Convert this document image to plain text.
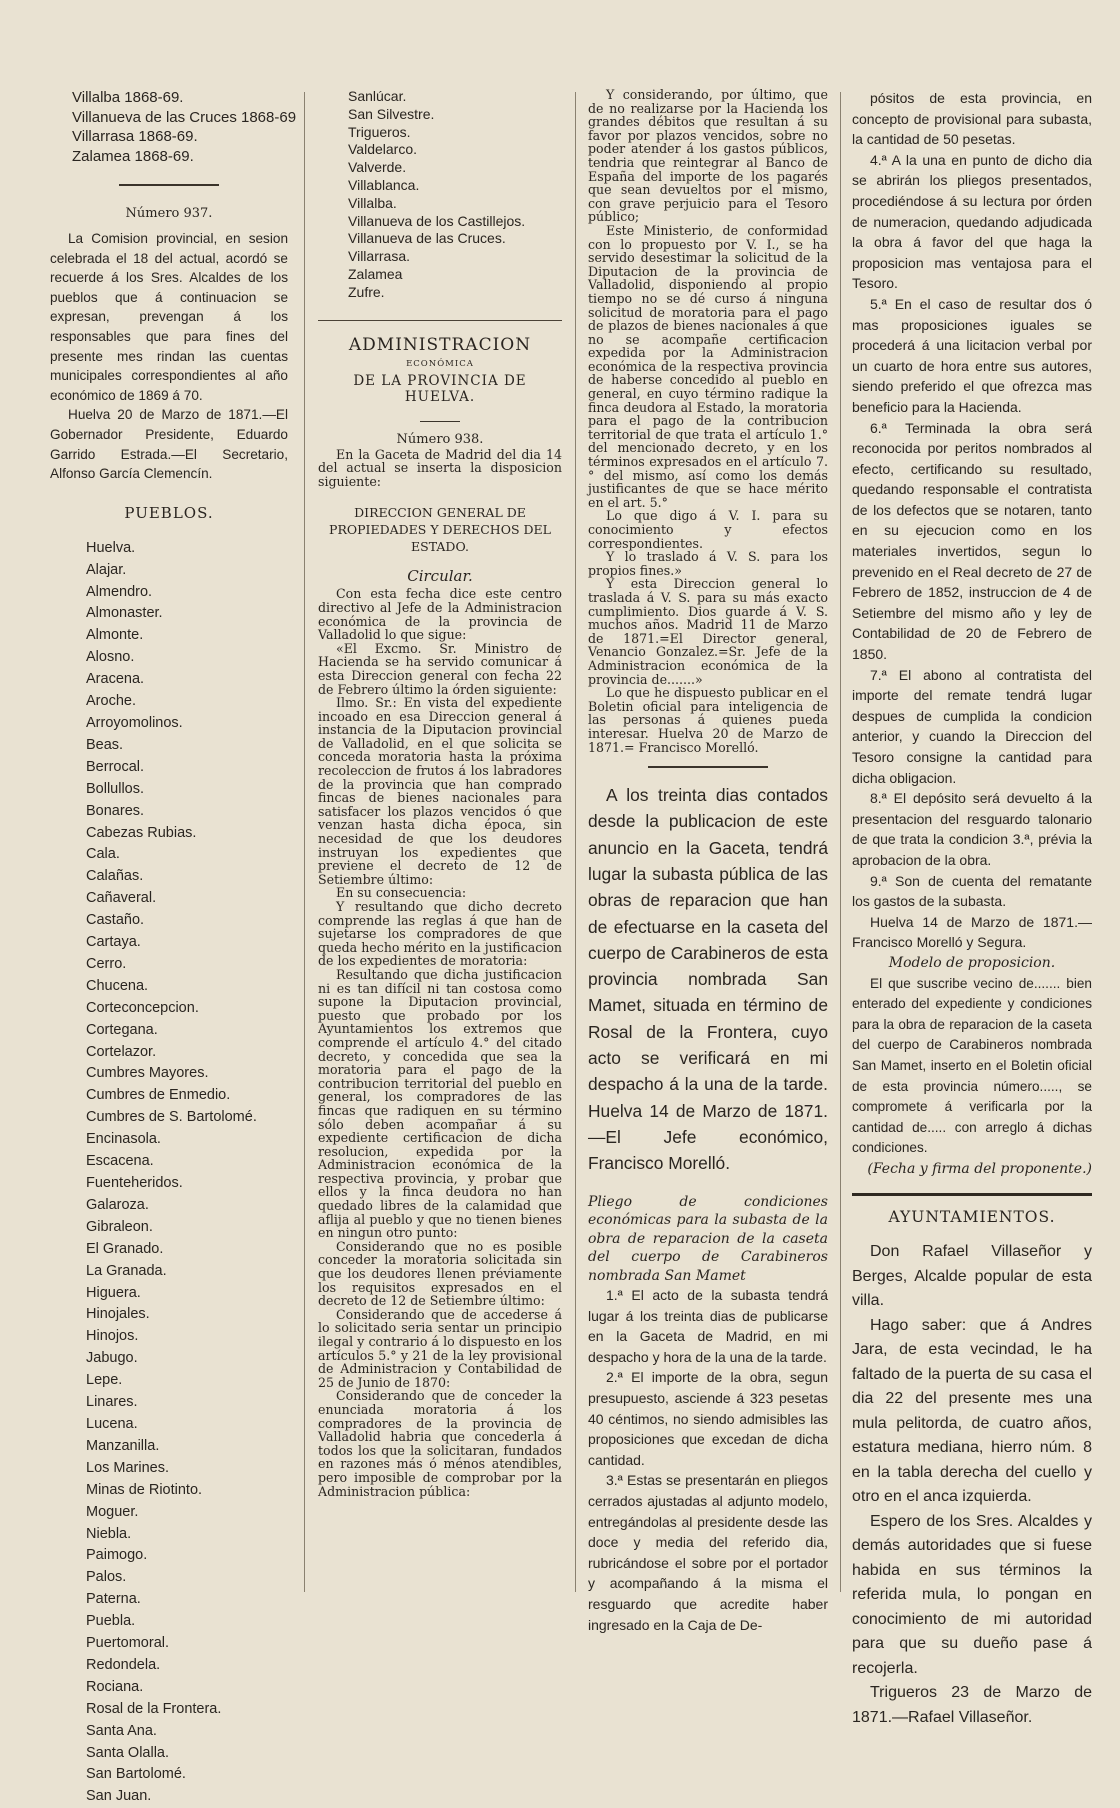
Villalba 1868-69.

Villanueva de las Cruces 1868-69

Villarrasa 1868-69.

Zalamea 1868-69.

Número 937.

La Comision provincial, en sesion celebrada el 18 del actual, acordó se recuerde á los Sres. Alcaldes de los pueblos que á continuacion se expresan, prevengan á los responsables que para fines del presente mes rindan las cuentas municipales correspondientes al año económico de 1869 á 70.

Huelva 20 de Marzo de 1871.—El Gobernador Presidente, Eduardo Garrido Estrada.—El Secretario, Alfonso García Clemencín.

PUEBLOS.

Huelva.

Alajar.

Almendro.

Almonaster.

Almonte.

Alosno.

Aracena.

Aroche.

Arroyomolinos.

Beas.

Berrocal.

Bollullos.

Bonares.

Cabezas Rubias.

Cala.

Calañas.

Cañaveral.

Castaño.

Cartaya.

Cerro.

Chucena.

Corteconcepcion.

Cortegana.

Cortelazor.

Cumbres Mayores.

Cumbres de Enmedio.

Cumbres de S. Bartolomé.

Encinasola.

Escacena.

Fuenteheridos.

Galaroza.

Gibraleon.

El Granado.

La Granada.

Higuera.

Hinojales.

Hinojos.

Jabugo.

Lepe.

Linares.

Lucena.

Manzanilla.

Los Marines.

Minas de Riotinto.

Moguer.

Niebla.

Paimogo.

Palos.

Paterna.

Puebla.

Puertomoral.

Redondela.

Rociana.

Rosal de la Frontera.

Santa Ana.

Santa Olalla.

San Bartolomé.

San Juan.

Sanlúcar.

San Silvestre.

Trigueros.

Valdelarco.

Valverde.

Villablanca.

Villalba.

Villanueva de los Castillejos.

Villanueva de las Cruces.

Villarrasa.

Zalamea

Zufre.

ADMINISTRACION

ECONÓMICA

DE LA PROVINCIA DE HUELVA.

Número 938.

En la Gaceta de Madrid del dia 14 del actual se inserta la disposicion siguiente:

DIRECCION GENERAL DE PROPIEDADES Y DERECHOS DEL ESTADO.

Circular.

Con esta fecha dice este centro directivo al Jefe de la Administracion económica de la provincia de Valladolid lo que sigue:

«El Excmo. Sr. Ministro de Hacienda se ha servido comunicar á esta Direccion general con fecha 22 de Febrero último la órden siguiente:

Ilmo. Sr.: En vista del expediente incoado en esa Direccion general á instancia de la Diputacion provincial de Valladolid, en el que solicita se conceda moratoria hasta la próxima recoleccion de frutos á los labradores de la provincia que han comprado fincas de bienes nacionales para satisfacer los plazos vencidos ó que venzan hasta dicha época, sin necesidad de que los deudores instruyan los expedientes que previene el decreto de 12 de Setiembre último:

En su consecuencia:

Y resultando que dicho decreto comprende las reglas á que han de sujetarse los compradores de que queda hecho mérito en la justificacion de los expedientes de moratoria:

Resultando que dicha justificacion ni es tan difícil ni tan costosa como supone la Diputacion provincial, puesto que probado por los Ayuntamientos los extremos que comprende el artículo 4.° del citado decreto, y concedida que sea la moratoria para el pago de la contribucion territorial del pueblo en general, los compradores de las fincas que radiquen en su término sólo deben acompañar á su expediente certificacion de dicha resolucion, expedida por la Administracion económica de la respectiva provincia, y probar que ellos y la finca deudora no han quedado libres de la calamidad que aflija al pueblo y que no tienen bienes en ningun otro punto:

Considerando que no es posible conceder la moratoria solicitada sin que los deudores llenen préviamente los requisitos expresados en el decreto de 12 de Setiembre último:

Considerando que de accederse á lo solicitado seria sentar un principio ilegal y contrario á lo dispuesto en los artículos 5.° y 21 de la ley provisional de Administracion y Contabilidad de 25 de Junio de 1870:

Considerando que de conceder la enunciada moratoria á los compradores de la provincia de Valladolid habria que concederla á todos los que la solicitaran, fundados en razones más ó ménos atendibles, pero imposible de comprobar por la Administracion pública:

Y considerando, por último, que de no realizarse por la Hacienda los grandes débitos que resultan á su favor por plazos vencidos, sobre no poder atender á los gastos públicos, tendria que reintegrar al Banco de España del importe de los pagarés que sean devueltos por el mismo, con grave perjuicio para el Tesoro público;

Este Ministerio, de conformidad con lo propuesto por V. I., se ha servido desestimar la solicitud de la Diputacion de la provincia de Valladolid, disponiendo al propio tiempo no se dé curso á ninguna solicitud de moratoria para el pago de plazos de bienes nacionales á que no se acompañe certificacion expedida por la Administracion económica de la respectiva provincia de haberse concedido al pueblo en general, en cuyo término radique la finca deudora al Estado, la moratoria para el pago de la contribucion territorial de que trata el artículo 1.° del mencionado decreto, y en los términos expresados en el artículo 7.° del mismo, así como los demás justificantes de que se hace mérito en el art. 5.°

Lo que digo á V. I. para su conocimiento y efectos correspondientes.

Y lo traslado á V. S. para los propios fines.»

Y esta Direccion general lo traslada á V. S. para su más exacto cumplimiento. Dios guarde á V. S. muchos años. Madrid 11 de Marzo de 1871.=El Director general, Venancio Gonzalez.=Sr. Jefe de la Administracion económica de la provincia de.......»

Lo que he dispuesto publicar en el Boletin oficial para inteligencia de las personas á quienes pueda interesar. Huelva 20 de Marzo de 1871.= Francisco Morelló.

A los treinta dias contados desde la publicacion de este anuncio en la Gaceta, tendrá lugar la subasta pública de las obras de reparacion que han de efectuarse en la caseta del cuerpo de Carabineros de esta provincia nombrada San Mamet, situada en término de Rosal de la Frontera, cuyo acto se verificará en mi despacho á la una de la tarde. Huelva 14 de Marzo de 1871.—El Jefe económico, Francisco Morelló.

Pliego de condiciones económicas para la subasta de la obra de reparacion de la caseta del cuerpo de Carabineros nombrada San Mamet

1.ª El acto de la subasta tendrá lugar á los treinta dias de publicarse en la Gaceta de Madrid, en mi despacho y hora de la una de la tarde.

2.ª El importe de la obra, segun presupuesto, asciende á 323 pesetas 40 céntimos, no siendo admisibles las proposiciones que excedan de dicha cantidad.

3.ª Estas se presentarán en pliegos cerrados ajustadas al adjunto modelo, entregándolas al presidente desde las doce y media del referido dia, rubricándose el sobre por el portador y acompañando á la misma el resguardo que acredite haber ingresado en la Caja de De-

pósitos de esta provincia, en concepto de provisional para subasta, la cantidad de 50 pesetas.

4.ª A la una en punto de dicho dia se abrirán los pliegos presentados, procediéndose á su lectura por órden de numeracion, quedando adjudicada la obra á favor del que haga la proposicion mas ventajosa para el Tesoro.

5.ª En el caso de resultar dos ó mas proposiciones iguales se procederá á una licitacion verbal por un cuarto de hora entre sus autores, siendo preferido el que ofrezca mas beneficio para la Hacienda.

6.ª Terminada la obra será reconocida por peritos nombrados al efecto, certificando su resultado, quedando responsable el contratista de los defectos que se notaren, tanto en su ejecucion como en los materiales invertidos, segun lo prevenido en el Real decreto de 27 de Febrero de 1852, instruccion de 4 de Setiembre del mismo año y ley de Contabilidad de 20 de Febrero de 1850.

7.ª El abono al contratista del importe del remate tendrá lugar despues de cumplida la condicion anterior, y cuando la Direccion del Tesoro consigne la cantidad para dicha obligacion.

8.ª El depósito será devuelto á la presentacion del resguardo talonario de que trata la condicion 3.ª, prévia la aprobacion de la obra.

9.ª Son de cuenta del rematante los gastos de la subasta.

Huelva 14 de Marzo de 1871.— Francisco Morelló y Segura.

Modelo de proposicion.

El que suscribe vecino de....... bien enterado del expediente y condiciones para la obra de reparacion de la caseta del cuerpo de Carabineros nombrada San Mamet, inserto en el Boletin oficial de esta provincia número....., se compromete á verificarla por la cantidad de..... con arreglo á dichas condiciones.

(Fecha y firma del proponente.)

AYUNTAMIENTOS.

Don Rafael Villaseñor y Berges, Alcalde popular de esta villa.

Hago saber: que á Andres Jara, de esta vecindad, le ha faltado de la puerta de su casa el dia 22 del presente mes una mula pelitorda, de cuatro años, estatura mediana, hierro núm. 8 en la tabla derecha del cuello y otro en el anca izquierda.

Espero de los Sres. Alcaldes y demás autoridades que si fuese habida en sus términos la referida mula, lo pongan en conocimiento de mi autoridad para que su dueño pase á recojerla.

Trigueros 23 de Marzo de 1871.—Rafael Villaseñor.
